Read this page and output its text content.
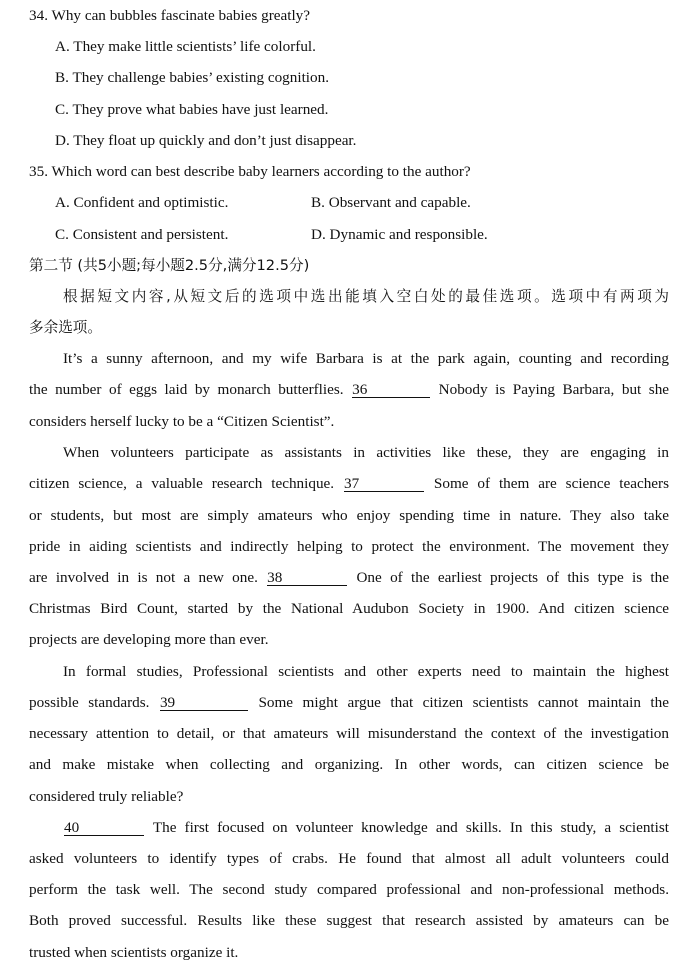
34. Why can bubbles fascinate babies greatly?
A. They make little scientists’ life colorful.
B. They challenge babies’ existing cognition.
C. They prove what babies have just learned.
D. They float up quickly and don’t just disappear.
35. Which word can best describe baby learners according to the author?
A. Confident and optimistic.	B. Observant and capable.
C. Consistent and persistent.	D. Dynamic and responsible.
第二节 (共5小题;每小题2.5分,满分12.5分)
根据短文内容,从短文后的选项中选出能填入空白处的最佳选项。选项中有两项为
多余选项。
It’s a sunny afternoon, and my wife Barbara is at the park again, counting and recording
the number of eggs laid by monarch butterflies. 36	Nobody is Paying Barbara, but she
considers herself lucky to be a “Citizen Scientist”.
When volunteers participate as assistants in activities like these, they are engaging in
citizen science, a valuable research technique. 37	Some of them are science teachers
or students, but most are simply amateurs who enjoy spending time in nature. They also take
pride in aiding scientists and indirectly helping to protect the environment. The movement they
are involved in is not a new one. 38	One of the earliest projects of this type is the
Christmas Bird Count, started by the National Audubon Society in 1900. And citizen science
projects are developing more than ever.
In formal studies, Professional scientists and other experts need to maintain the highest
possible standards. 39	Some might argue that citizen scientists cannot maintain the
necessary attention to detail, or that amateurs will misunderstand the context of the investigation
and make mistake when collecting and organizing. In other words, can citizen science be
considered truly reliable?
40	The first focused on volunteer knowledge and skills. In this study, a scientist
asked volunteers to identify types of crabs. He found that almost all adult volunteers could
perform the task well. The second study compared professional and non-professional methods.
Both proved successful. Results like these suggest that research assisted by amateurs can be
trusted when scientists organize it.
